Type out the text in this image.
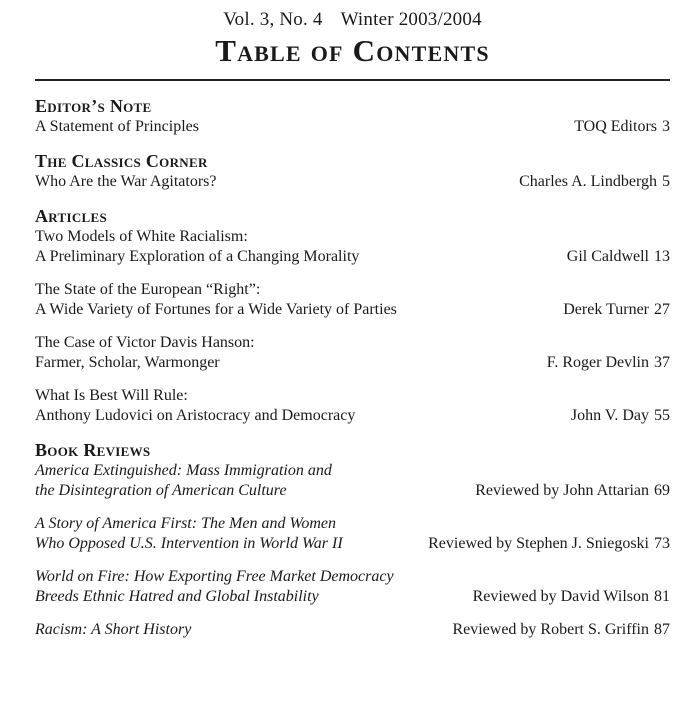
Vol. 3, No. 4 Winter 2003/2004
Table of Contents
Editor’s Note
A Statement of Principles	TOQ Editors 3
The Classics Corner
Who Are the War Agitators?	Charles A. Lindbergh 5
Articles
Two Models of White Racialism:
A Preliminary Exploration of a Changing Morality	Gil Caldwell 13
The State of the European “Right”:
A Wide Variety of Fortunes for a Wide Variety of Parties	Derek Turner 27
The Case of Victor Davis Hanson:
Farmer, Scholar, Warmonger	F. Roger Devlin 37
What Is Best Will Rule:
Anthony Ludovici on Aristocracy and Democracy	John V. Day 55
Book Reviews
America Extinguished: Mass Immigration and
the Disintegration of American Culture	Reviewed by John Attarian 69
A Story of America First: The Men and Women
Who Opposed U.S. Intervention in World War II	Reviewed by Stephen J. Sniegoski 73
World on Fire: How Exporting Free Market Democracy
Breeds Ethnic Hatred and Global Instability	Reviewed by David Wilson 81
Racism: A Short History	Reviewed by Robert S. Griffin 87
